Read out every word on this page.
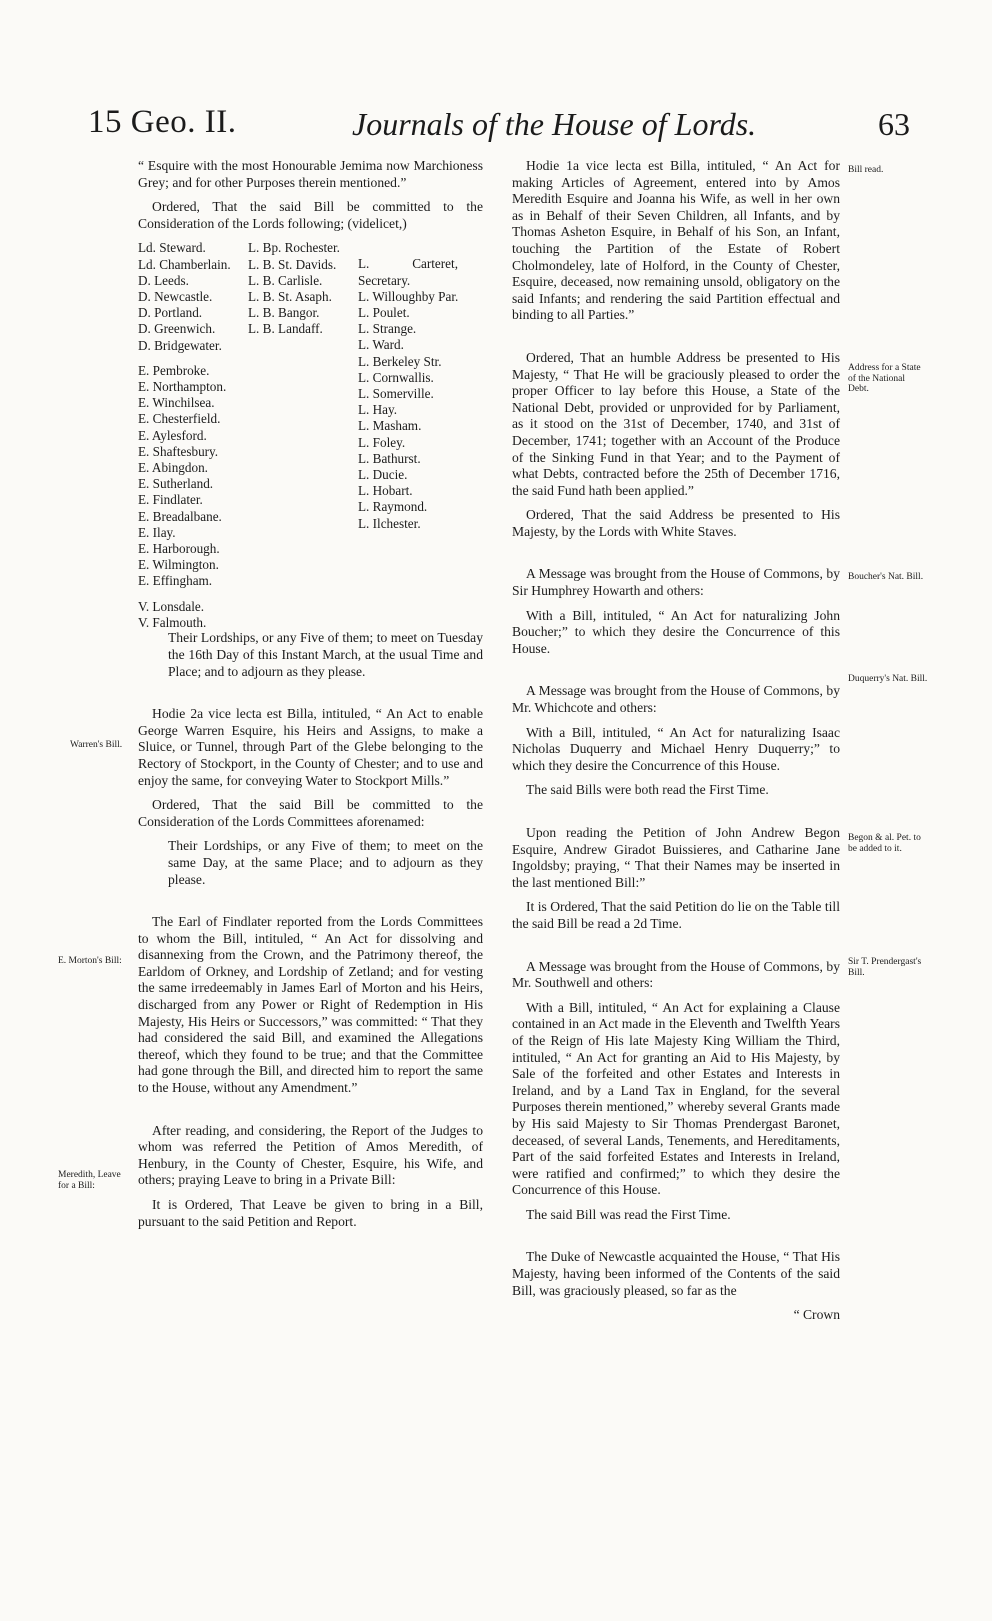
15 Geo. II.	Journals of the House of Lords.	63
Warren's Bill.
E. Morton's Bill:
Meredith, Leave for a Bill:
Bill read.
Address for a State of the National Debt.
Boucher's Nat. Bill.
Duquerry's Nat. Bill.
Begon & al. Pet. to be added to it.
Sir T. Prendergast's Bill.

“ Esquire with the most Honourable Jemima now Marchioness Grey; and for other Purposes therein mentioned.”

Ordered, That the said Bill be committed to the Consideration of the Lords following; (videlicet,)

Ld. Steward.
Ld. Chamberlain.
D. Leeds.
D. Newcastle.
D. Portland.
D. Greenwich.
D. Bridgewater.
E. Pembroke.
E. Northampton.
E. Winchilsea.
E. Chesterfield.
E. Aylesford.
E. Shaftesbury.
E. Abingdon.
E. Sutherland.
E. Findlater.
E. Breadalbane.
E. Ilay.
E. Harborough.
E. Wilmington.
E. Effingham.
V. Lonsdale.
V. Falmouth.
L. Bp. Rochester.
L. B. St. Davids.
L. B. Carlisle.
L. B. St. Asaph.
L. B. Bangor.
L. B. Landaff.
L. Carteret, Secretary.
L. Willoughby Par.
L. Poulet.
L. Strange.
L. Ward.
L. Berkeley Str.
L. Cornwallis.
L. Somerville.
L. Hay.
L. Masham.
L. Foley.
L. Bathurst.
L. Ducie.
L. Hobart.
L. Raymond.
L. Ilchester.

Their Lordships, or any Five of them; to meet on Tuesday the 16th Day of this Instant March, at the usual Time and Place; and to adjourn as they please.

Hodie 2a vice lecta est Billa, intituled, “ An Act to enable George Warren Esquire, his Heirs and Assigns, to make a Sluice, or Tunnel, through Part of the Glebe belonging to the Rectory of Stockport, in the County of Chester; and to use and enjoy the same, for conveying Water to Stockport Mills.”

Ordered, That the said Bill be committed to the Consideration of the Lords Committees aforenamed:

Their Lordships, or any Five of them; to meet on the same Day, at the same Place; and to adjourn as they please.

The Earl of Findlater reported from the Lords Committees to whom the Bill, intituled, “ An Act for dissolving and disannexing from the Crown, and the Patrimony thereof, the Earldom of Orkney, and Lordship of Zetland; and for vesting the same irredeemably in James Earl of Morton and his Heirs, discharged from any Power or Right of Redemption in His Majesty, His Heirs or Successors,” was committed: “ That they had considered the said Bill, and examined the Allegations thereof, which they found to be true; and that the Committee had gone through the Bill, and directed him to report the same to the House, without any Amendment.”

After reading, and considering, the Report of the Judges to whom was referred the Petition of Amos Meredith, of Henbury, in the County of Chester, Esquire, his Wife, and others; praying Leave to bring in a Private Bill:

It is Ordered, That Leave be given to bring in a Bill, pursuant to the said Petition and Report.

Hodie 1a vice lecta est Billa, intituled, “ An Act for making Articles of Agreement, entered into by Amos Meredith Esquire and Joanna his Wife, as well in her own as in Behalf of their Seven Children, all Infants, and by Thomas Asheton Esquire, in Behalf of his Son, an Infant, touching the Partition of the Estate of Robert Cholmondeley, late of Holford, in the County of Chester, Esquire, deceased, now remaining unsold, obligatory on the said Infants; and rendering the said Partition effectual and binding to all Parties.”

Ordered, That an humble Address be presented to His Majesty, “ That He will be graciously pleased to order the proper Officer to lay before this House, a State of the National Debt, provided or unprovided for by Parliament, as it stood on the 31st of December, 1740, and 31st of December, 1741; together with an Account of the Produce of the Sinking Fund in that Year; and to the Payment of what Debts, contracted before the 25th of December 1716, the said Fund hath been applied.”

Ordered, That the said Address be presented to His Majesty, by the Lords with White Staves.

A Message was brought from the House of Commons, by Sir Humphrey Howarth and others:

With a Bill, intituled, “ An Act for naturalizing John Boucher;” to which they desire the Concurrence of this House.

A Message was brought from the House of Commons, by Mr. Whichcote and others:

With a Bill, intituled, “ An Act for naturalizing Isaac Nicholas Duquerry and Michael Henry Duquerry;” to which they desire the Concurrence of this House.

The said Bills were both read the First Time.

Upon reading the Petition of John Andrew Begon Esquire, Andrew Giradot Buissieres, and Catharine Jane Ingoldsby; praying, “ That their Names may be inserted in the last mentioned Bill:”

It is Ordered, That the said Petition do lie on the Table till the said Bill be read a 2d Time.

A Message was brought from the House of Commons, by Mr. Southwell and others:

With a Bill, intituled, “ An Act for explaining a Clause contained in an Act made in the Eleventh and Twelfth Years of the Reign of His late Majesty King William the Third, intituled, “ An Act for granting an Aid to His Majesty, by Sale of the forfeited and other Estates and Interests in Ireland, and by a Land Tax in England, for the several Purposes therein mentioned,” whereby several Grants made by His said Majesty to Sir Thomas Prendergast Baronet, deceased, of several Lands, Tenements, and Hereditaments, Part of the said forfeited Estates and Interests in Ireland, were ratified and confirmed;” to which they desire the Concurrence of this House.

The said Bill was read the First Time.

The Duke of Newcastle acquainted the House, “ That His Majesty, having been informed of the Contents of the said Bill, was graciously pleased, so far as the

“ Crown
